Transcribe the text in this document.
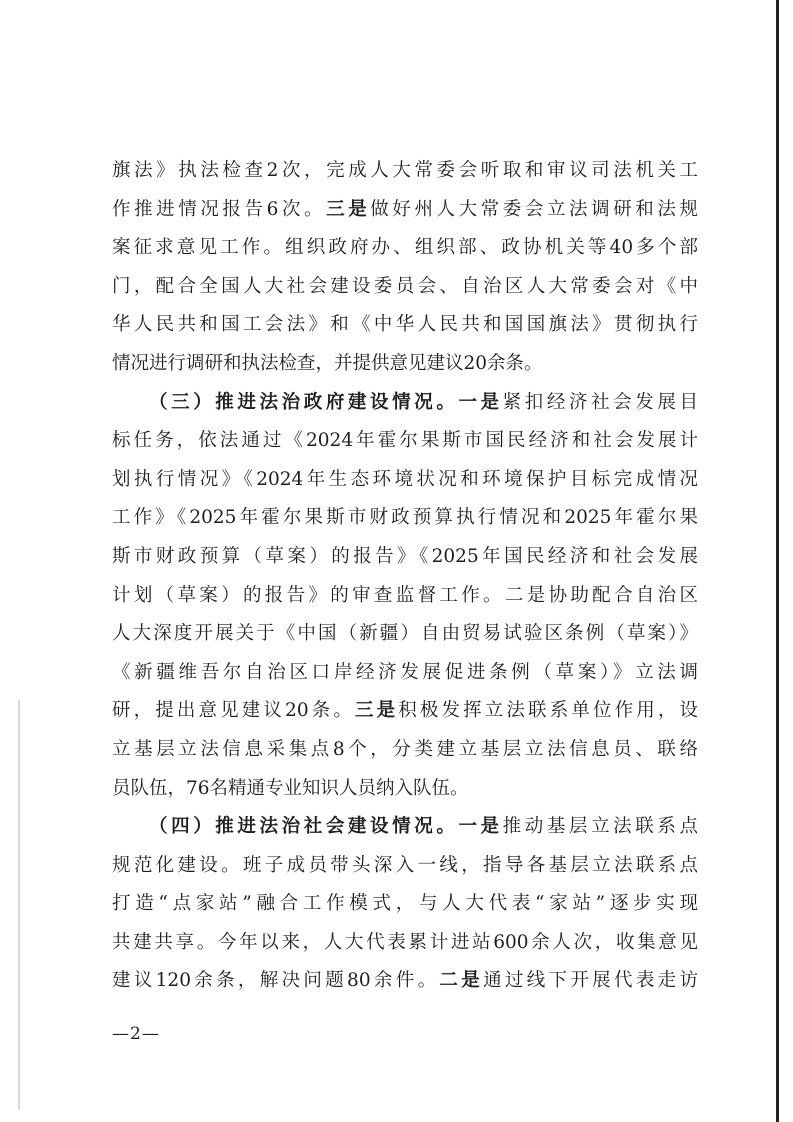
旗法》执法检查2次，完成人大常委会听取和审议司法机关工

作推进情况报告6次。三是做好州人大常委会立法调研和法规

案征求意见工作。组织政府办、组织部、政协机关等40多个部

门，配合全国人大社会建设委员会、自治区人大常委会对《中

华人民共和国工会法》和《中华人民共和国国旗法》贯彻执行

情况进行调研和执法检查，并提供意见建议20余条。

（三）推进法治政府建设情况。一是紧扣经济社会发展目

标任务，依法通过《2024年霍尔果斯市国民经济和社会发展计

划执行情况》《2024年生态环境状况和环境保护目标完成情况

工作》《2025年霍尔果斯市财政预算执行情况和2025年霍尔果

斯市财政预算（草案）的报告》《2025年国民经济和社会发展

计划（草案）的报告》的审查监督工作。二是协助配合自治区

人大深度开展关于《中国（新疆）自由贸易试验区条例（草案）》

《新疆维吾尔自治区口岸经济发展促进条例（草案）》立法调

研，提出意见建议20条。三是积极发挥立法联系单位作用，设

立基层立法信息采集点8个，分类建立基层立法信息员、联络

员队伍，76名精通专业知识人员纳入队伍。

（四）推进法治社会建设情况。一是推动基层立法联系点

规范化建设。班子成员带头深入一线，指导各基层立法联系点

打造“点家站”融合工作模式，与人大代表“家站”逐步实现

共建共享。今年以来，人大代表累计进站600余人次，收集意见

建议120余条，解决问题80余件。二是通过线下开展代表走访

—2—
